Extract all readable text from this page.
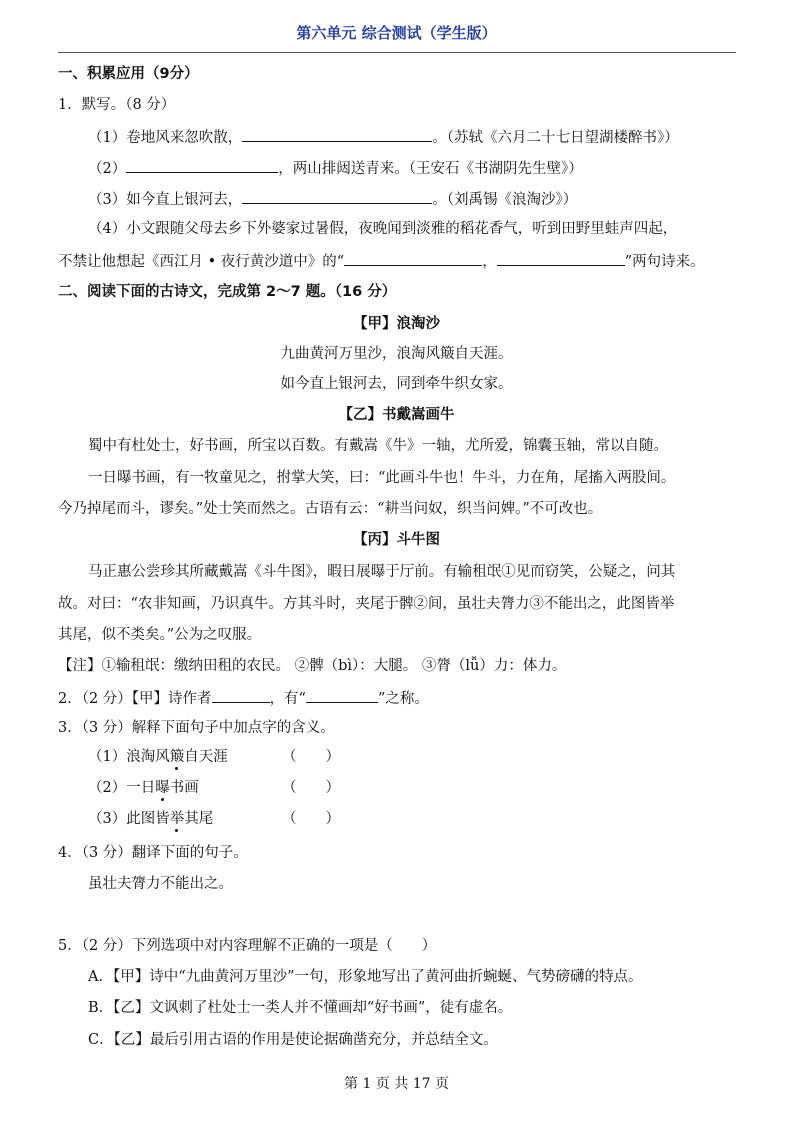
第六单元 综合测试（学生版）
一、积累应用（9分）
1．默写。（8 分）
（1）卷地风来忽吹散，	。（苏轼《六月二十七日望湖楼醉书》）
（2）	，两山排闼送青来。（王安石《书湖阴先生壁》）
（3）如今直上银河去，	。（刘禹锡《浪淘沙》）
（4）小文跟随父母去乡下外婆家过暑假，夜晚闻到淡雅的稻花香气，听到田野里蛙声四起，
不禁让他想起《西江月 • 夜行黄沙道中》的“	，	”两句诗来。
二、阅读下面的古诗文，完成第 2～7 题。（16 分）
【甲】浪淘沙
九曲黄河万里沙，浪淘风簸自天涯。
如今直上银河去，同到牵牛织女家。
【乙】书戴嵩画牛
蜀中有杜处士，好书画，所宝以百数。有戴嵩《牛》一轴，尤所爱，锦囊玉轴，常以自随。
一日曝书画，有一牧童见之，拊掌大笑，曰：“此画斗牛也！牛斗，力在角，尾搐入两股间。
今乃掉尾而斗，谬矣。”处士笑而然之。古语有云：“耕当问奴，织当问婢。”不可改也。
【丙】斗牛图
马正惠公尝珍其所藏戴嵩《斗牛图》，暇日展曝于厅前。有输租氓①见而窃笑，公疑之，问其
故。对曰：“农非知画，乃识真牛。方其斗时，夹尾于髀②间，虽壮夫膂力③不能出之，此图皆举
其尾，似不类矣。”公为之叹服。
【注】①输租氓：缴纳田租的农民。 ②髀（bì）：大腿。 ③膂（lǚ）力：体力。
2．（2 分）【甲】诗作者	，有“	”之称。
3．（3 分）解释下面句子中加点字的含义。
（1）浪淘风簸自天涯	（　　）
（2）一日曝书画	（　　）
（3）此图皆举其尾	（　　）
4．（3 分）翻译下面的句子。
虽壮夫膂力不能出之。
5．（2 分）下列选项中对内容理解不正确的一项是（　　）
A．【甲】诗中“九曲黄河万里沙”一句，形象地写出了黄河曲折蜿蜒、气势磅礴的特点。
B．【乙】文讽刺了杜处士一类人并不懂画却“好书画”，徒有虚名。
C．【乙】最后引用古语的作用是使论据确凿充分，并总结全文。
第 1 页 共 17 页
